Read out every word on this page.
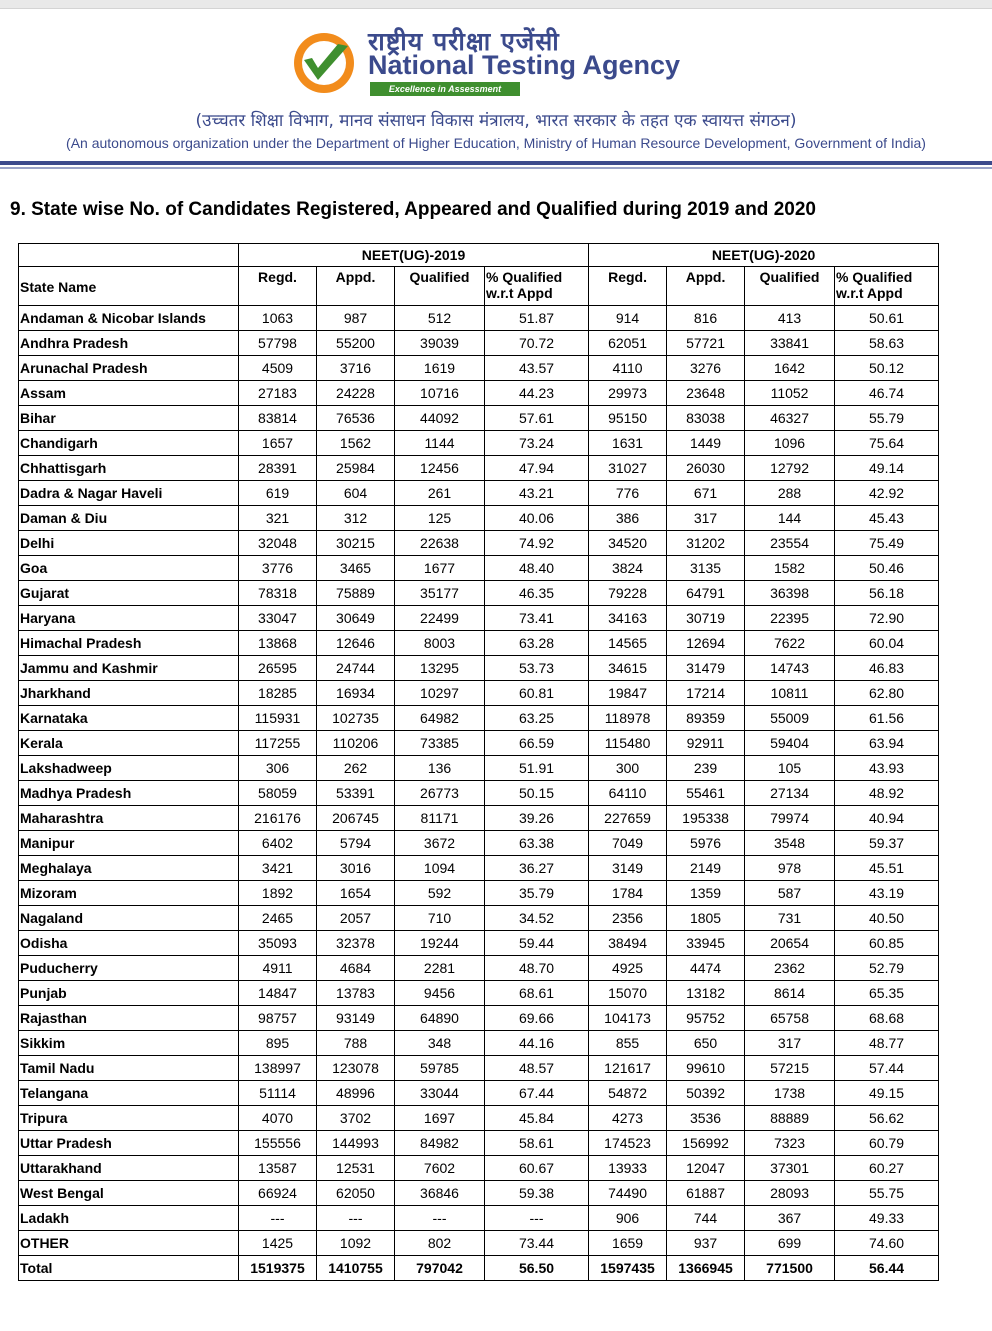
राष्ट्रीय परीक्षा एजेंसी
National Testing Agency
Excellence in Assessment
(उच्चतर शिक्षा विभाग, मानव संसाधन विकास मंत्रालय, भारत सरकार के तहत एक स्वायत्त संगठन)
(An autonomous organization under the Department of Higher Education, Ministry of Human Resource Development, Government of India)
9. State wise No. of Candidates Registered, Appeared and Qualified during 2019 and 2020
	NEET(UG)-2019				NEET(UG)-2020			
State Name	Regd.	Appd.	Qualified	% Qualified w.r.t Appd	Regd.	Appd.	Qualified	% Qualified w.r.t Appd
Andaman & Nicobar Islands	1063	987	512	51.87	914	816	413	50.61
Andhra Pradesh	57798	55200	39039	70.72	62051	57721	33841	58.63
Arunachal Pradesh	4509	3716	1619	43.57	4110	3276	1642	50.12
Assam	27183	24228	10716	44.23	29973	23648	11052	46.74
Bihar	83814	76536	44092	57.61	95150	83038	46327	55.79
Chandigarh	1657	1562	1144	73.24	1631	1449	1096	75.64
Chhattisgarh	28391	25984	12456	47.94	31027	26030	12792	49.14
Dadra & Nagar Haveli	619	604	261	43.21	776	671	288	42.92
Daman & Diu	321	312	125	40.06	386	317	144	45.43
Delhi	32048	30215	22638	74.92	34520	31202	23554	75.49
Goa	3776	3465	1677	48.40	3824	3135	1582	50.46
Gujarat	78318	75889	35177	46.35	79228	64791	36398	56.18
Haryana	33047	30649	22499	73.41	34163	30719	22395	72.90
Himachal Pradesh	13868	12646	8003	63.28	14565	12694	7622	60.04
Jammu and Kashmir	26595	24744	13295	53.73	34615	31479	14743	46.83
Jharkhand	18285	16934	10297	60.81	19847	17214	10811	62.80
Karnataka	115931	102735	64982	63.25	118978	89359	55009	61.56
Kerala	117255	110206	73385	66.59	115480	92911	59404	63.94
Lakshadweep	306	262	136	51.91	300	239	105	43.93
Madhya Pradesh	58059	53391	26773	50.15	64110	55461	27134	48.92
Maharashtra	216176	206745	81171	39.26	227659	195338	79974	40.94
Manipur	6402	5794	3672	63.38	7049	5976	3548	59.37
Meghalaya	3421	3016	1094	36.27	3149	2149	978	45.51
Mizoram	1892	1654	592	35.79	1784	1359	587	43.19
Nagaland	2465	2057	710	34.52	2356	1805	731	40.50
Odisha	35093	32378	19244	59.44	38494	33945	20654	60.85
Puducherry	4911	4684	2281	48.70	4925	4474	2362	52.79
Punjab	14847	13783	9456	68.61	15070	13182	8614	65.35
Rajasthan	98757	93149	64890	69.66	104173	95752	65758	68.68
Sikkim	895	788	348	44.16	855	650	317	48.77
Tamil Nadu	138997	123078	59785	48.57	121617	99610	57215	57.44
Telangana	51114	48996	33044	67.44	54872	50392	1738	49.15
Tripura	4070	3702	1697	45.84	4273	3536	88889	56.62
Uttar Pradesh	155556	144993	84982	58.61	174523	156992	7323	60.79
Uttarakhand	13587	12531	7602	60.67	13933	12047	37301	60.27
West Bengal	66924	62050	36846	59.38	74490	61887	28093	55.75
Ladakh	---	---	---	---	906	744	367	49.33
OTHER	1425	1092	802	73.44	1659	937	699	74.60
Total	1519375	1410755	797042	56.50	1597435	1366945	771500	56.44
